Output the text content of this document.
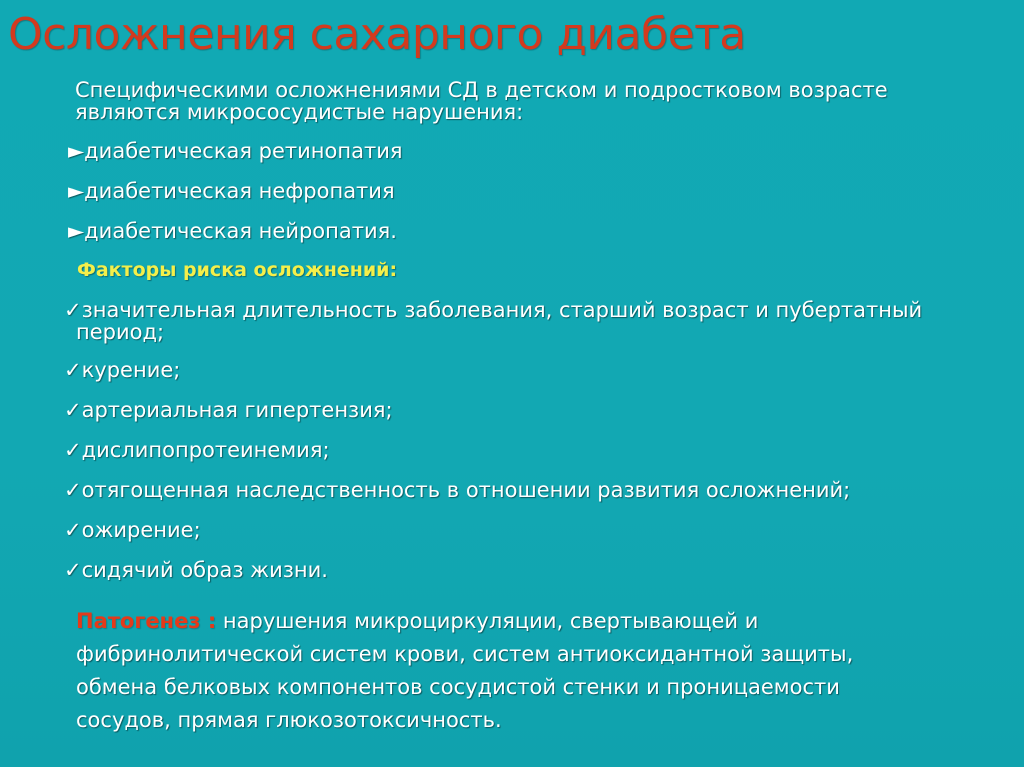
Осложнения сахарного диабета
Специфическими осложнениями СД в детском и подростковом возрасте
являются микрососудистые нарушения:
►диабетическая ретинопатия
►диабетическая нефропатия
►диабетическая нейропатия.
Факторы риска осложнений:
✓значительная длительность заболевания, старший возраст и пубертатный
период;
✓курение;
✓артериальная гипертензия;
✓дислипопротеинемия;
✓отягощенная наследственность в отношении развития осложнений;
✓ожирение;
✓сидячий образ жизни.
Патогенез : нарушения микроциркуляции, свертывающей и
фибринолитической систем крови, систем антиоксидантной защиты,
обмена белковых компонентов сосудистой стенки и проницаемости
сосудов, прямая глюкозотоксичность.
